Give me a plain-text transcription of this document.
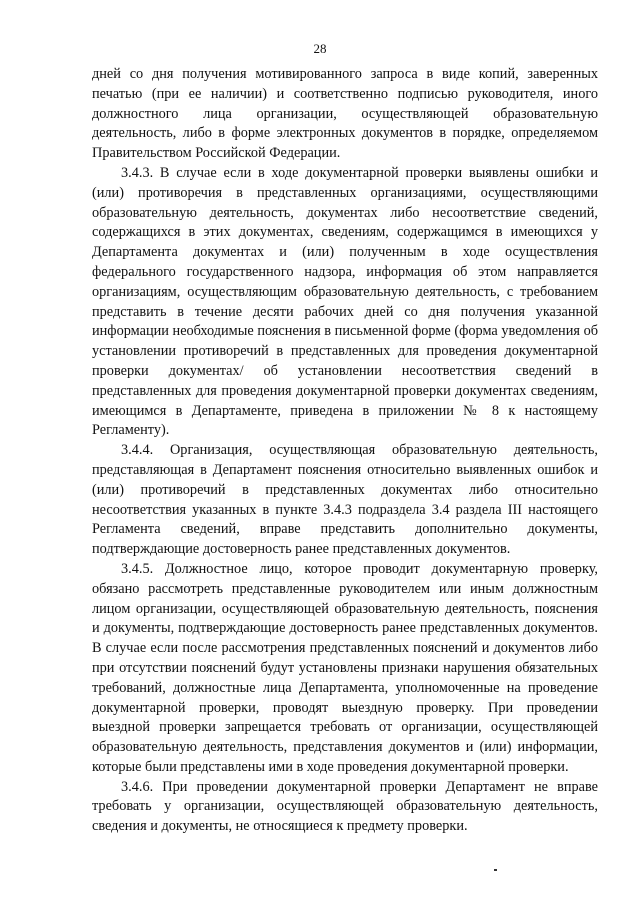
28

дней со дня получения мотивированного запроса в виде копий, заверенных печатью (при ее наличии) и соответственно подписью руководителя, иного должностного лица организации, осуществляющей образовательную деятельность, либо в форме электронных документов в порядке, определяемом Правительством Российской Федерации.

3.4.3. В случае если в ходе документарной проверки выявлены ошибки и (или) противоречия в представленных организациями, осуществляющими образовательную деятельность, документах либо несоответствие сведений, содержащихся в этих документах, сведениям, содержащимся в имеющихся у Департамента документах и (или) полученным в ходе осуществления федерального государственного надзора, информация об этом направляется организациям, осуществляющим образовательную деятельность, с требованием представить в течение десяти рабочих дней со дня получения указанной информации необходимые пояснения в письменной форме (форма уведомления об установлении противоречий в представленных для проведения документарной проверки документах/ об установлении несоответствия сведений в представленных для проведения документарной проверки документах сведениям, имеющимся в Департаменте, приведена в приложении № 8 к настоящему Регламенту).

3.4.4. Организация, осуществляющая образовательную деятельность, представляющая в Департамент пояснения относительно выявленных ошибок и (или) противоречий в представленных документах либо относительно несоответствия указанных в пункте 3.4.3 подраздела 3.4 раздела III настоящего Регламента сведений, вправе представить дополнительно документы, подтверждающие достоверность ранее представленных документов.

3.4.5. Должностное лицо, которое проводит документарную проверку, обязано рассмотреть представленные руководителем или иным должностным лицом организации, осуществляющей образовательную деятельность, пояснения и документы, подтверждающие достоверность ранее представленных документов. В случае если после рассмотрения представленных пояснений и документов либо при отсутствии пояснений будут установлены признаки нарушения обязательных требований, должностные лица Департамента, уполномоченные на проведение документарной проверки, проводят выездную проверку. При проведении выездной проверки запрещается требовать от организации, осуществляющей образовательную деятельность, представления документов и (или) информации, которые были представлены ими в ходе проведения документарной проверки.

3.4.6. При проведении документарной проверки Департамент не вправе требовать у организации, осуществляющей образовательную деятельность, сведения и документы, не относящиеся к предмету проверки.
